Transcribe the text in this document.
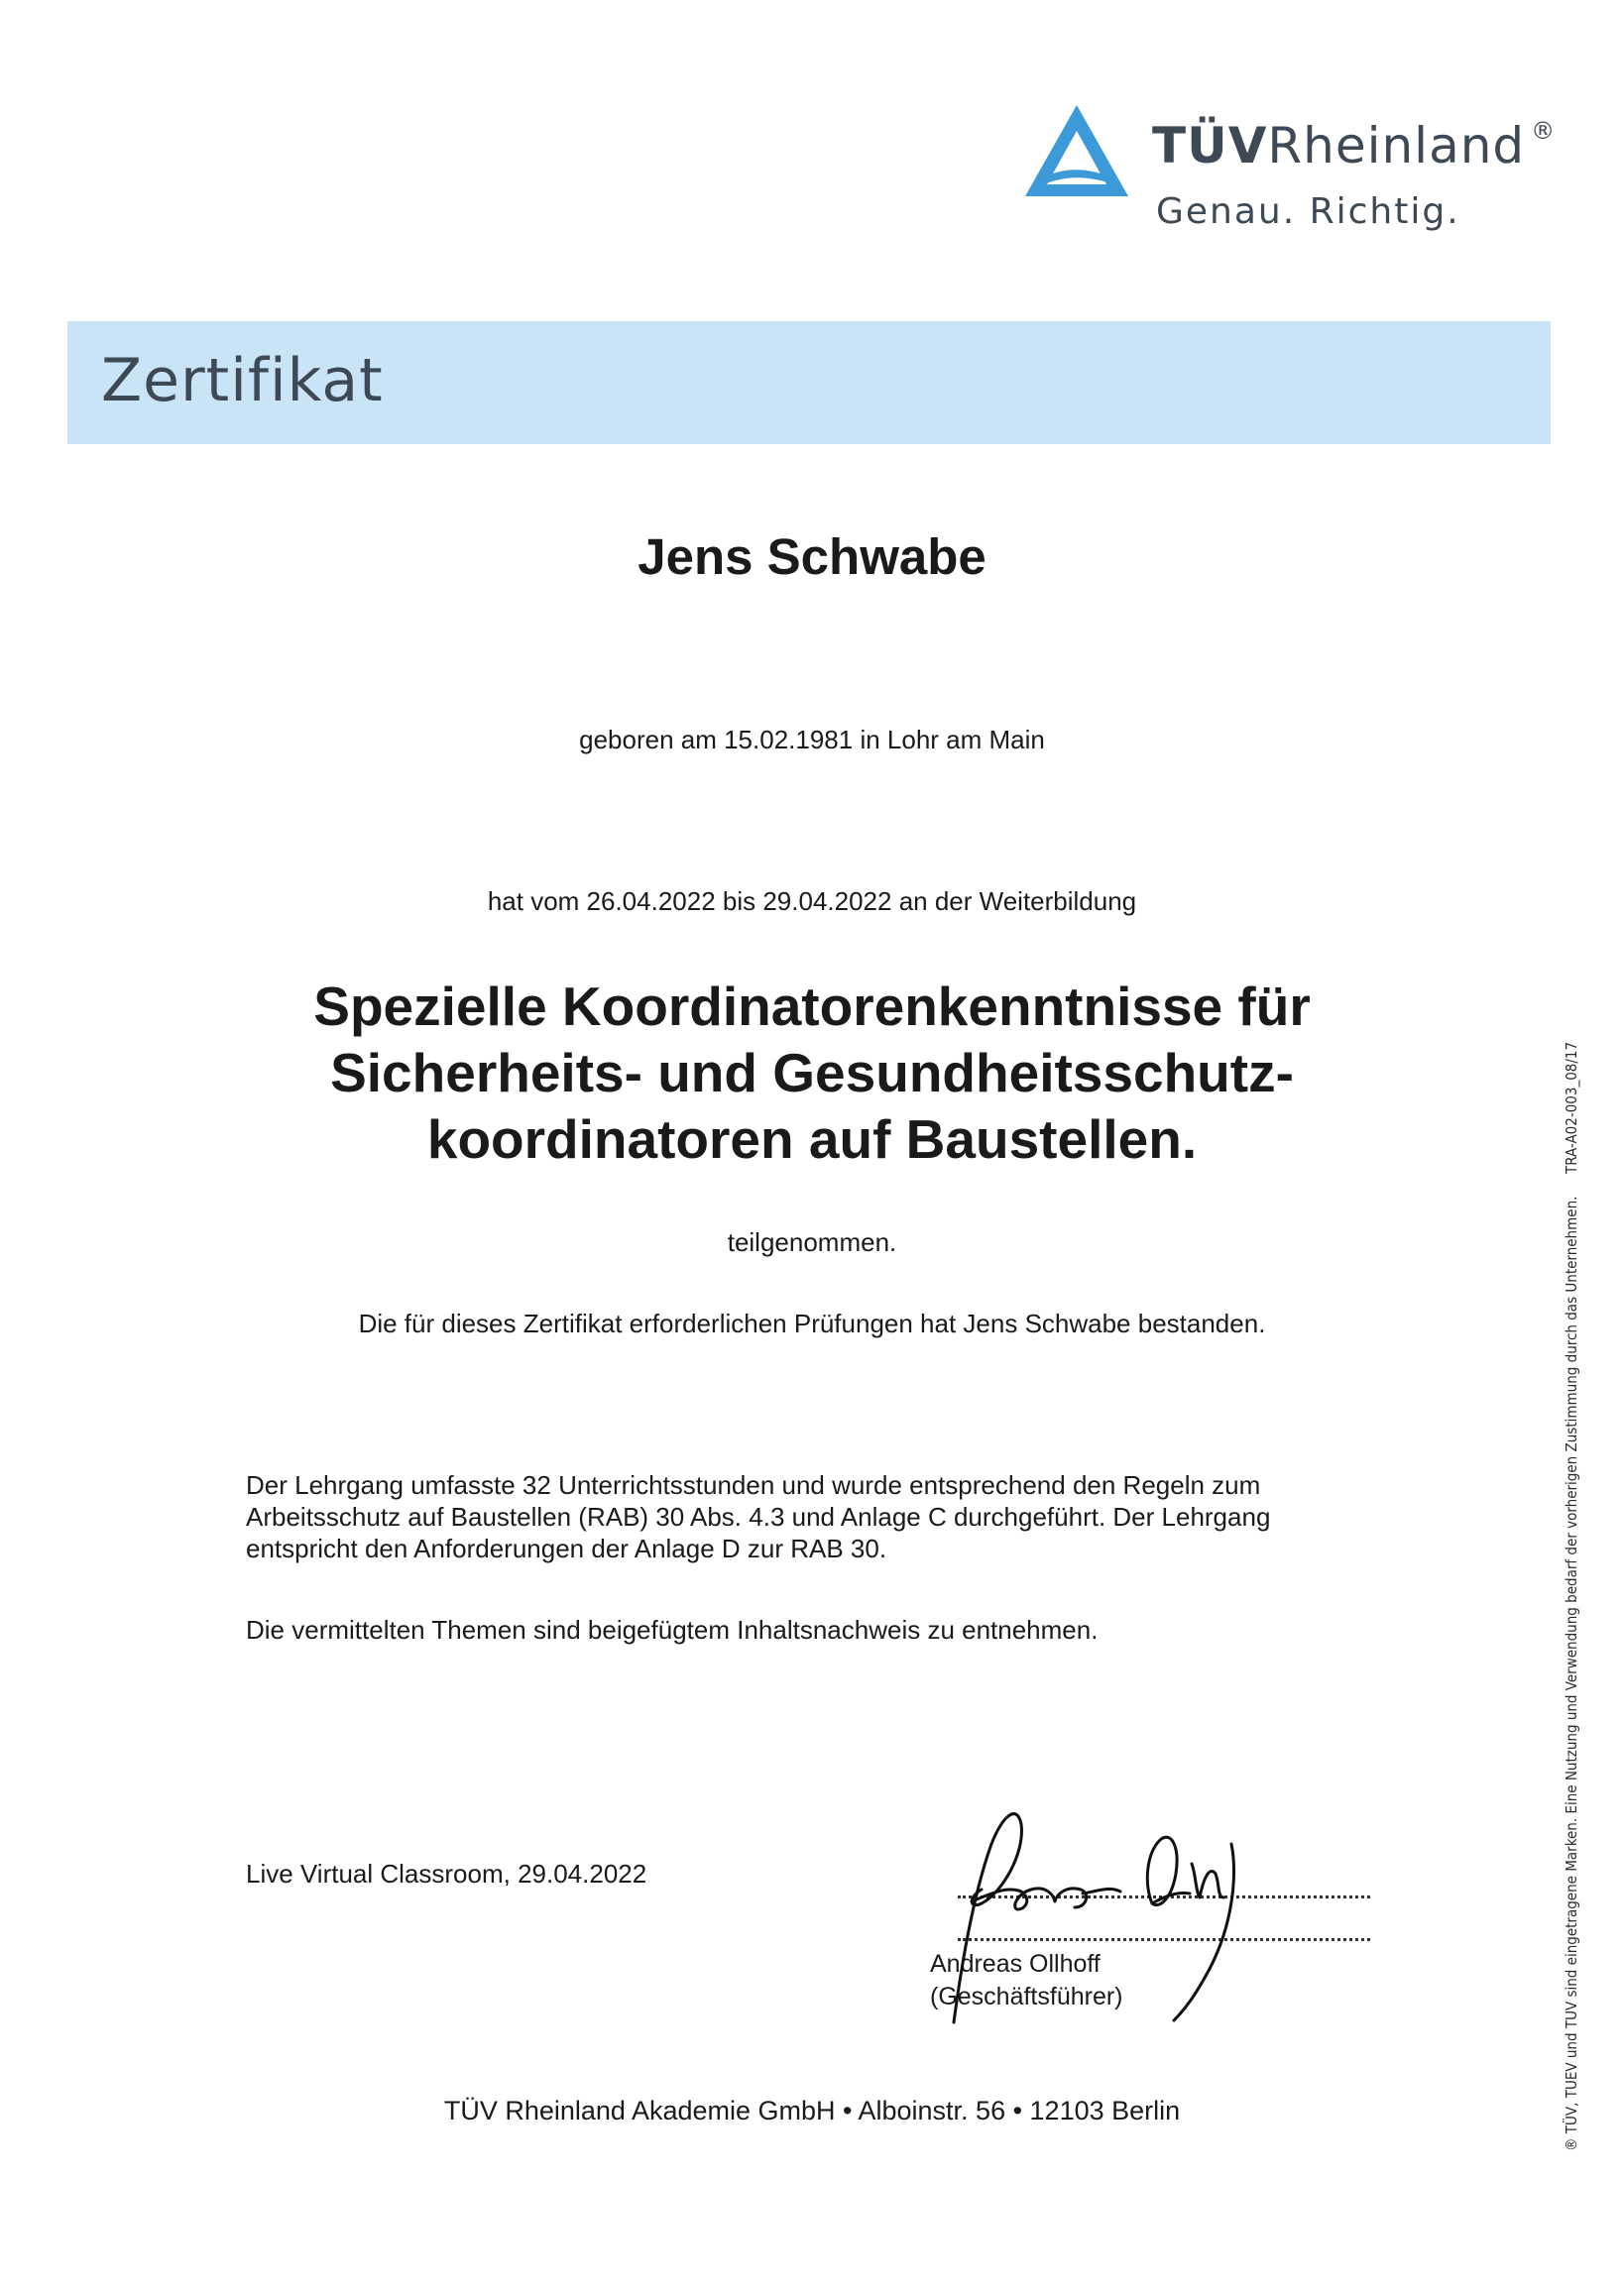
TÜVRheinland ®
Genau. Richtig.
Zertifikat
Jens Schwabe
geboren am 15.02.1981 in Lohr am Main
hat vom 26.04.2022 bis 29.04.2022 an der Weiterbildung
Spezielle Koordinatorenkenntnisse für
Sicherheits- und Gesundheitsschutz-
koordinatoren auf Baustellen.
teilgenommen.
Die für dieses Zertifikat erforderlichen Prüfungen hat Jens Schwabe bestanden.
Der Lehrgang umfasste 32 Unterrichtsstunden und wurde entsprechend den Regeln zum
Arbeitsschutz auf Baustellen (RAB) 30 Abs. 4.3 und Anlage C durchgeführt. Der Lehrgang
entspricht den Anforderungen der Anlage D zur RAB 30.
Die vermittelten Themen sind beigefügtem Inhaltsnachweis zu entnehmen.
Live Virtual Classroom, 29.04.2022
Andreas Ollhoff
(Geschäftsführer)
TÜV Rheinland Akademie GmbH • Alboinstr. 56 • 12103 Berlin
TRA-A02-003_08/17
® TÜV, TUEV und TUV sind eingetragene Marken. Eine Nutzung und Verwendung bedarf der vorherigen Zustimmung durch das Unternehmen.
